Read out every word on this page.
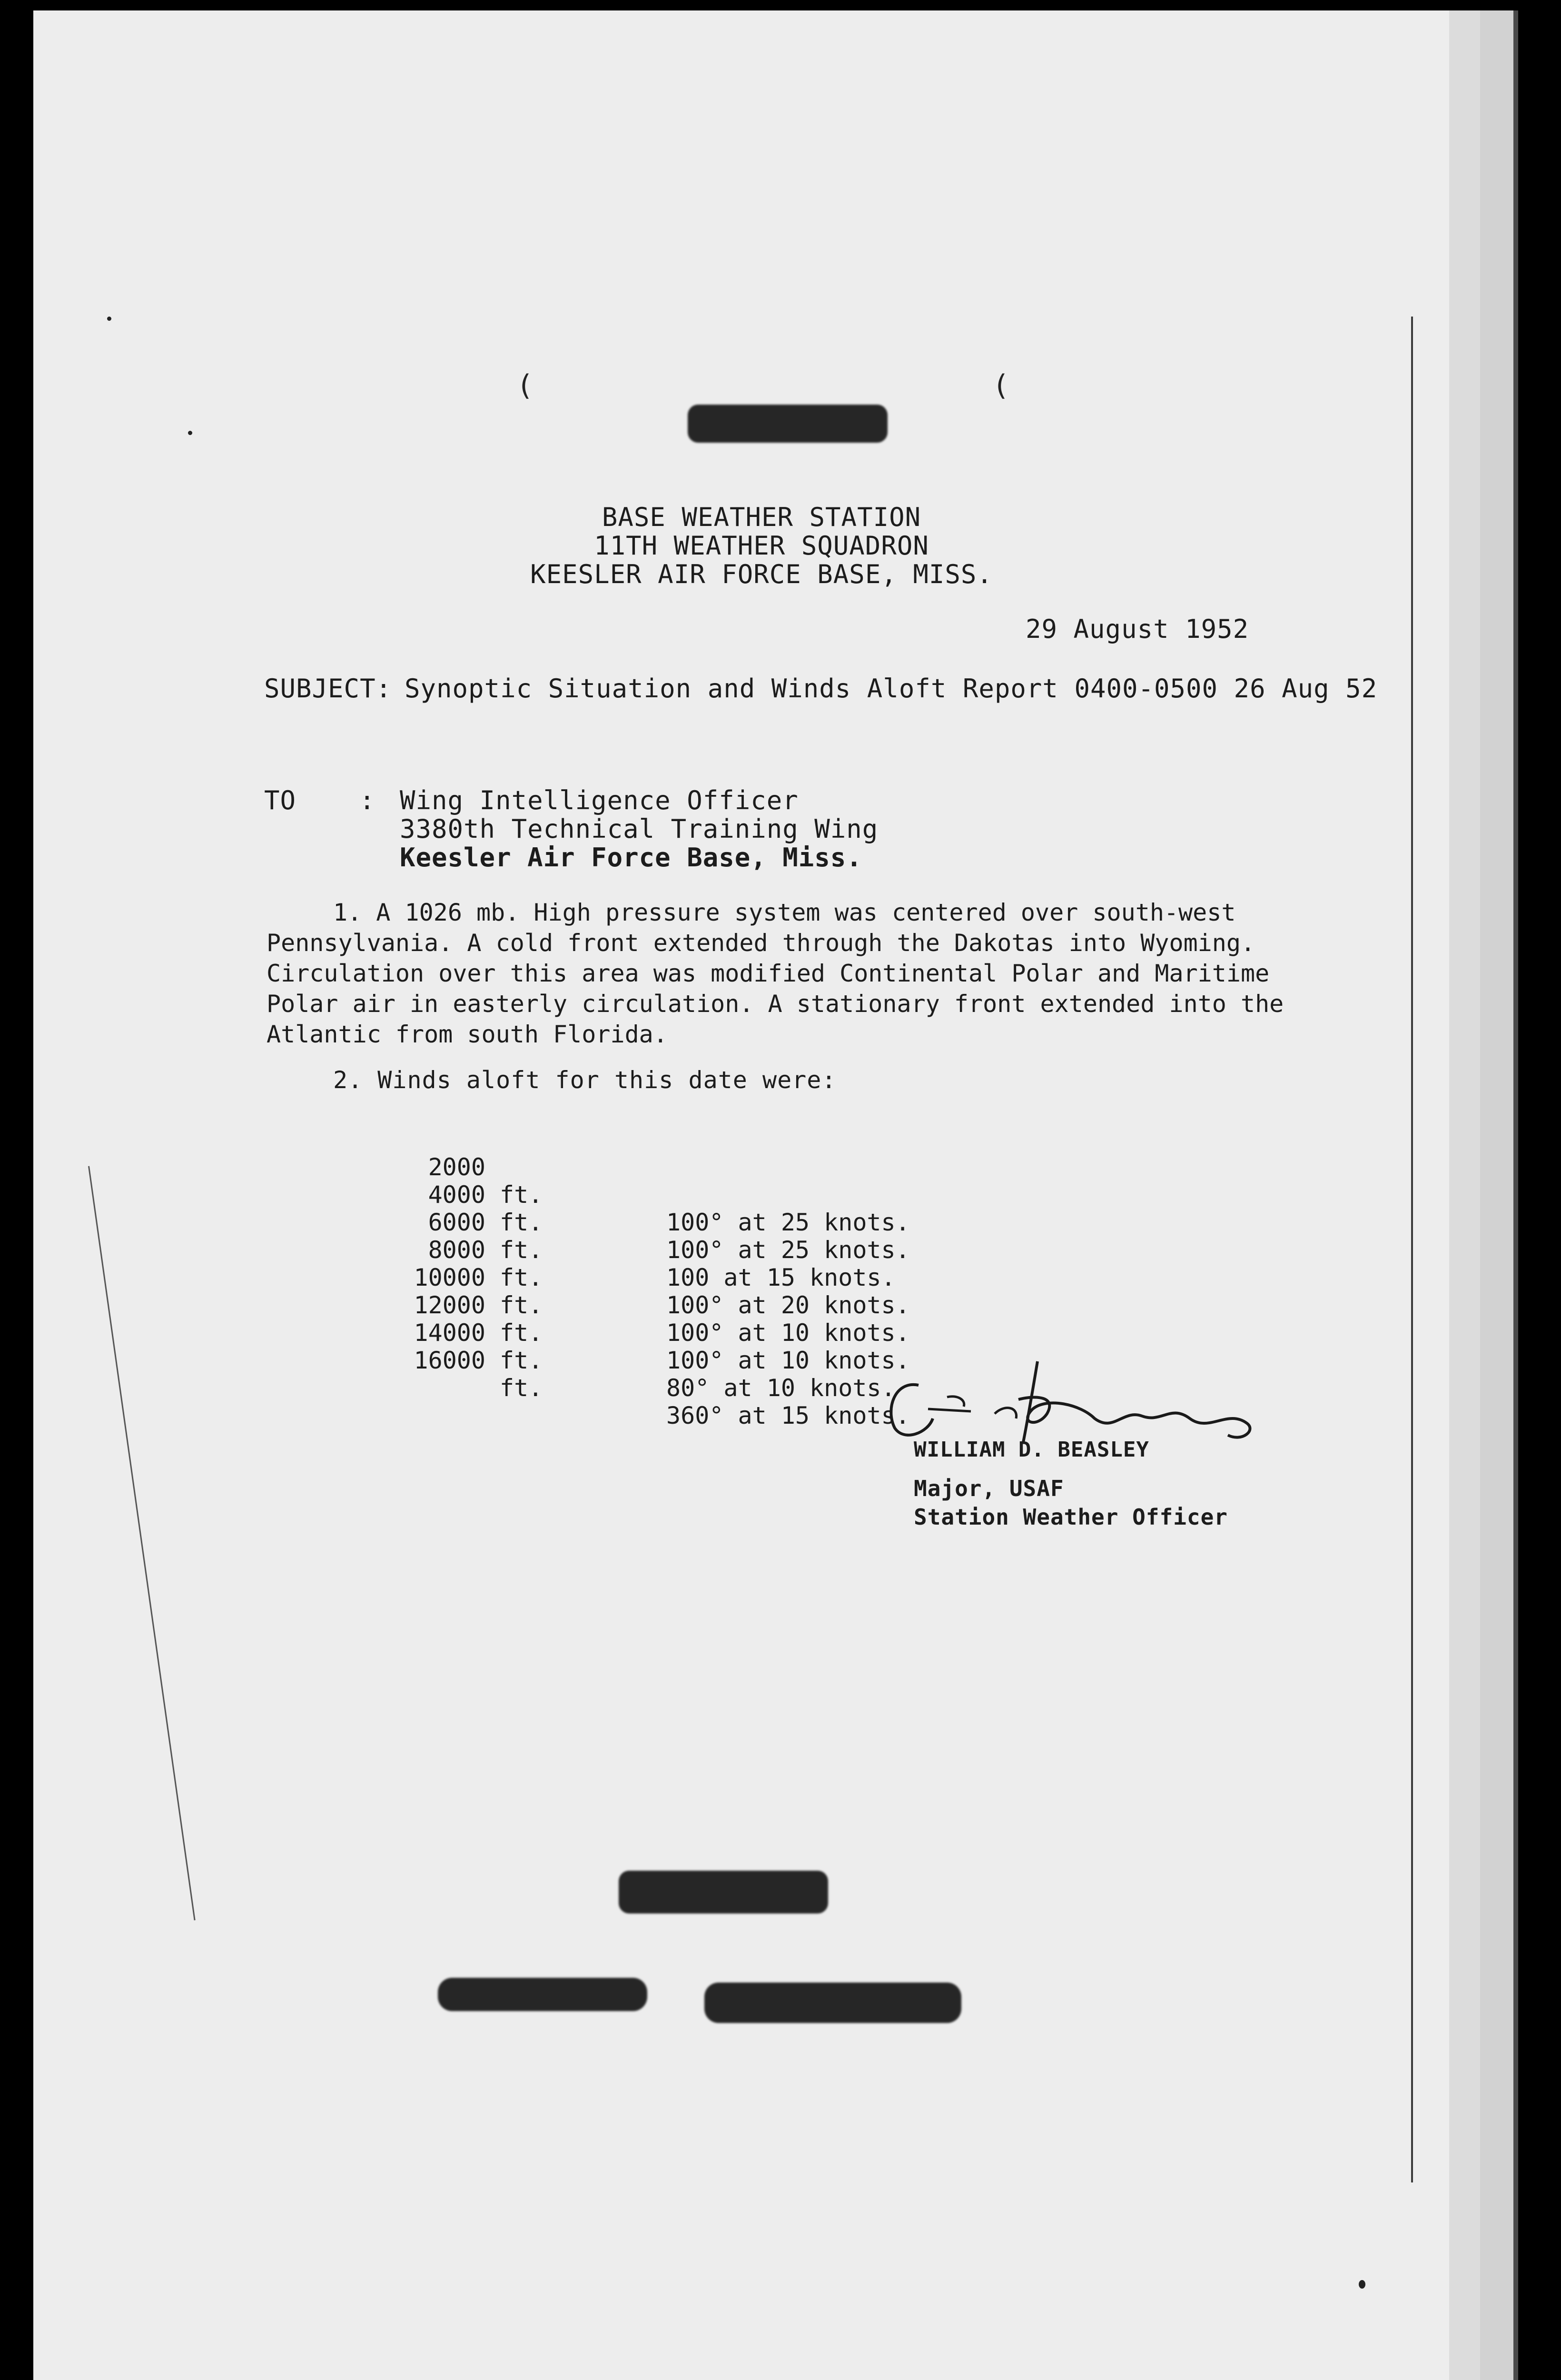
(	(
BASE WEATHER STATION
11TH WEATHER SQUADRON
KEESLER AIR FORCE BASE, MISS.
29 August 1952
SUBJECT: Synoptic Situation and Winds Aloft Report 0400-0500 26 Aug 52
TO : Wing Intelligence Officer
3380th Technical Training Wing
Keesler Air Force Base, Miss.
1. A 1026 mb. High pressure system was centered over south-west Pennsylvania. A cold front extended through the Dakotas into Wyoming. Circulation over this area was modified Continental Polar and Maritime Polar air in easterly circulation. A stationary front extended into the Atlantic from south Florida.
2. Winds aloft for this date were:

2000

ft.

100° at 25 knots.

4000

ft.

100° at 25 knots.

6000

ft.

100 at 15 knots.

8000

ft.

100° at 20 knots.

10000

ft.

100° at 10 knots.

12000

ft.

100° at 10 knots.

14000

ft.

80° at 10 knots.

16000

ft.

360° at 15 knots.

WILLIAM D. BEASLEY
Major, USAF
Station Weather Officer
